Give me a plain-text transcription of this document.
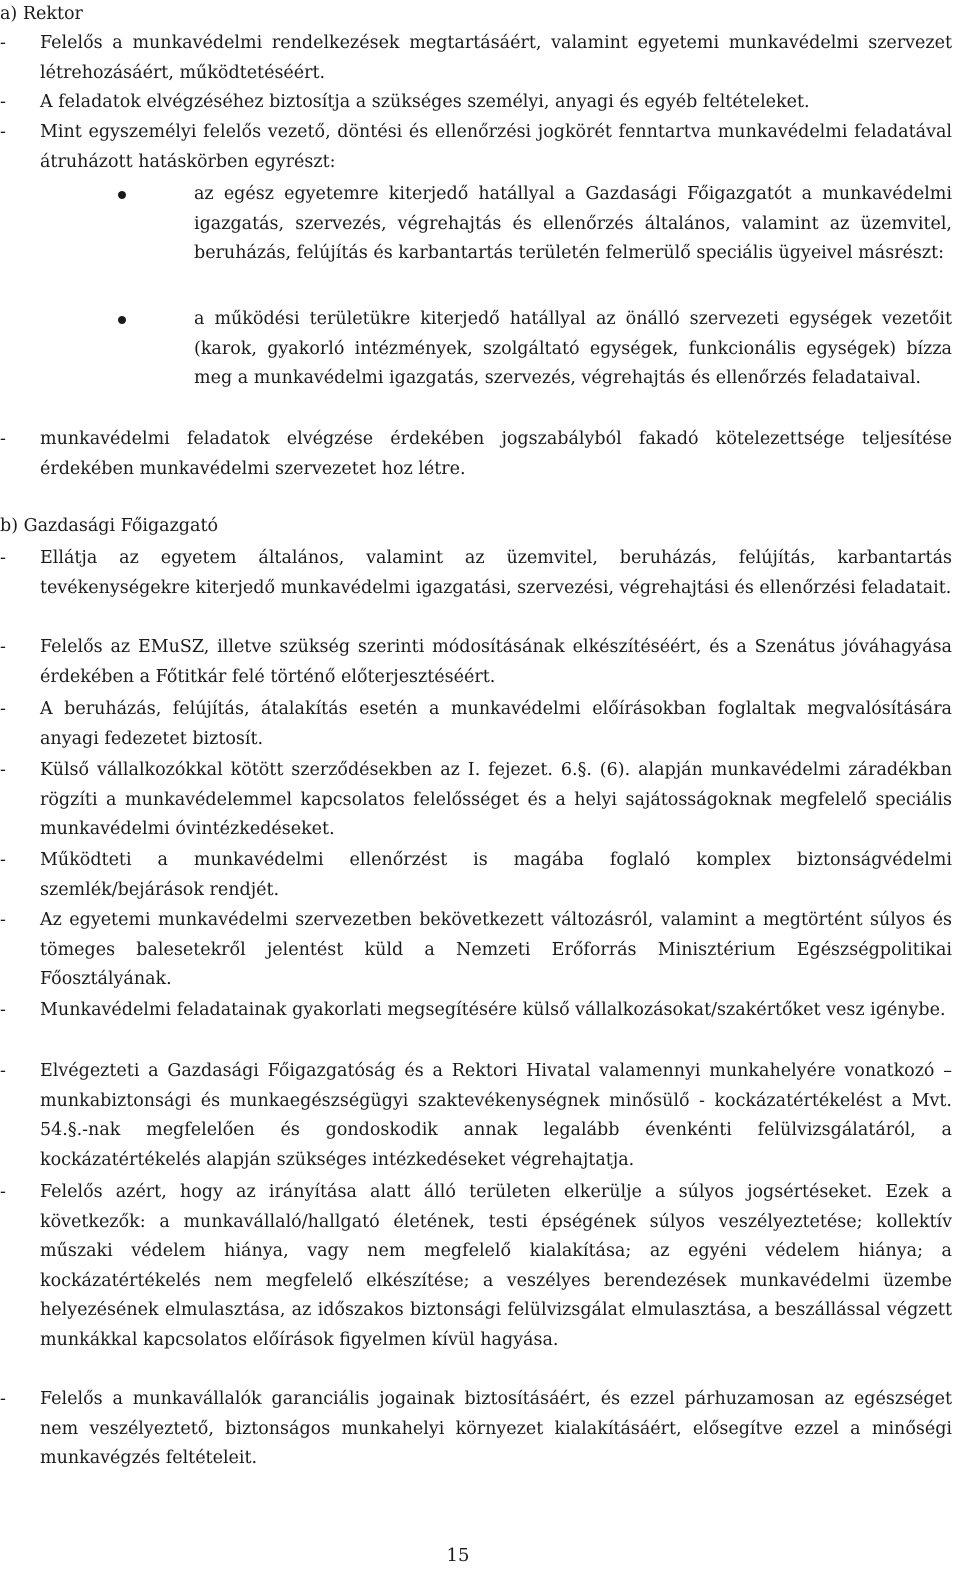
a) Rektor
- Felelős a munkavédelmi rendelkezések megtartásáért, valamint egyetemi munkavédelmi szervezet létrehozásáért, működtetéséért.
- A feladatok elvégzéséhez biztosítja a szükséges személyi, anyagi és egyéb feltételeket.
- Mint egyszemélyi felelős vezető, döntési és ellenőrzési jogkörét fenntartva munkavédelmi feladatával átruházott hatáskörben egyrészt:
az egész egyetemre kiterjedő hatállyal a Gazdasági Főigazgatót a munkavédelmi igazgatás, szervezés, végrehajtás és ellenőrzés általános, valamint az üzemvitel, beruházás, felújítás és karbantartás területén felmerülő speciális ügyeivel másrészt:
a működési területükre kiterjedő hatállyal az önálló szervezeti egységek vezetőit (karok, gyakorló intézmények, szolgáltató egységek, funkcionális egységek) bízza meg a munkavédelmi igazgatás, szervezés, végrehajtás és ellenőrzés feladataival.
- munkavédelmi feladatok elvégzése érdekében jogszabályból fakadó kötelezettsége teljesítése érdekében munkavédelmi szervezetet hoz létre.
b) Gazdasági Főigazgató
- Ellátja az egyetem általános, valamint az üzemvitel, beruházás, felújítás, karbantartás tevékenységekre kiterjedő munkavédelmi igazgatási, szervezési, végrehajtási és ellenőrzési feladatait.
- Felelős az EMuSZ, illetve szükség szerinti módosításának elkészítéséért, és a Szenátus jóváhagyása érdekében a Főtitkár felé történő előterjesztéséért.
- A beruházás, felújítás, átalakítás esetén a munkavédelmi előírásokban foglaltak megvalósítására anyagi fedezetet biztosít.
- Külső vállalkozókkal kötött szerződésekben az I. fejezet. 6.§. (6). alapján munkavédelmi záradékban rögzíti a munkavédelemmel kapcsolatos felelősséget és a helyi sajátosságoknak megfelelő speciális munkavédelmi óvintézkedéseket.
- Működteti a munkavédelmi ellenőrzést is magába foglaló komplex biztonságvédelmi szemlék/bejárások rendjét.
- Az egyetemi munkavédelmi szervezetben bekövetkezett változásról, valamint a megtörtént súlyos és tömeges balesetekről jelentést küld a Nemzeti Erőforrás Minisztérium Egészségpolitikai Főosztályának.
- Munkavédelmi feladatainak gyakorlati megsegítésére külső vállalkozásokat/szakértőket vesz igénybe.
- Elvégezteti a Gazdasági Főigazgatóság és a Rektori Hivatal valamennyi munkahelyére vonatkozó – munkabiztonsági és munkaegészségügyi szaktevékenységnek minősülő - kockázatértékelést a Mvt. 54.§.-nak megfelelően és gondoskodik annak legalább évenkénti felülvizsgálatáról, a kockázatértékelés alapján szükséges intézkedéseket végrehajtatja.
- Felelős azért, hogy az irányítása alatt álló területen elkerülje a súlyos jogsértéseket. Ezek a következők: a munkavállaló/hallgató életének, testi épségének súlyos veszélyeztetése; kollektív műszaki védelem hiánya, vagy nem megfelelő kialakítása; az egyéni védelem hiánya; a kockázatértékelés nem megfelelő elkészítése; a veszélyes berendezések munkavédelmi üzembe helyezésének elmulasztása, az időszakos biztonsági felülvizsgálat elmulasztása, a beszállással végzett munkákkal kapcsolatos előírások figyelmen kívül hagyása.
- Felelős a munkavállalók garanciális jogainak biztosításáért, és ezzel párhuzamosan az egészséget nem veszélyeztető, biztonságos munkahelyi környezet kialakításáért, elősegítve ezzel a minőségi munkavégzés feltételeit.
15
